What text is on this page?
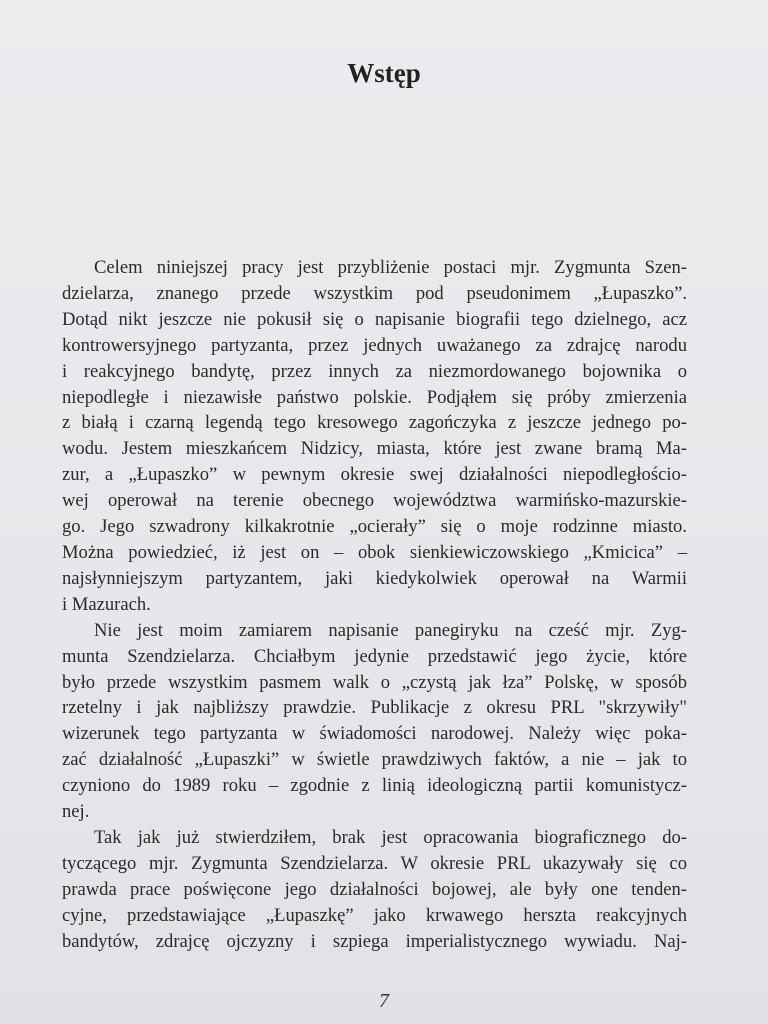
Wstęp
Celem niniejszej pracy jest przybliżenie postaci mjr. Zygmunta Szen-
dzielarza, znanego przede wszystkim pod pseudonimem „Łupaszko”.
Dotąd nikt jeszcze nie pokusił się o napisanie biografii tego dzielnego, acz
kontrowersyjnego partyzanta, przez jednych uważanego za zdrajcę narodu
i reakcyjnego bandytę, przez innych za niezmordowanego bojownika o
niepodległe i niezawisłe państwo polskie. Podjąłem się próby zmierzenia
z białą i czarną legendą tego kresowego zagończyka z jeszcze jednego po-
wodu. Jestem mieszkańcem Nidzicy, miasta, które jest zwane bramą Ma-
zur, a „Łupaszko” w pewnym okresie swej działalności niepodległościo-
wej operował na terenie obecnego województwa warmińsko-mazurskie-
go. Jego szwadrony kilkakrotnie „ocierały” się o moje rodzinne miasto.
Można powiedzieć, iż jest on – obok sienkiewiczowskiego „Kmicica” –
najsłynniejszym partyzantem, jaki kiedykolwiek operował na Warmii
i Mazurach.
Nie jest moim zamiarem napisanie panegiryku na cześć mjr. Zyg-
munta Szendzielarza. Chciałbym jedynie przedstawić jego życie, które
było przede wszystkim pasmem walk o „czystą jak łza” Polskę, w sposób
rzetelny i jak najbliższy prawdzie. Publikacje z okresu PRL "skrzywiły"
wizerunek tego partyzanta w świadomości narodowej. Należy więc poka-
zać działalność „Łupaszki” w świetle prawdziwych faktów, a nie – jak to
czyniono do 1989 roku – zgodnie z linią ideologiczną partii komunistycz-
nej.
Tak jak już stwierdziłem, brak jest opracowania biograficznego do-
tyczącego mjr. Zygmunta Szendzielarza. W okresie PRL ukazywały się co
prawda prace poświęcone jego działalności bojowej, ale były one tenden-
cyjne, przedstawiające „Łupaszkę” jako krwawego herszta reakcyjnych
bandytów, zdrajcę ojczyzny i szpiega imperialistycznego wywiadu. Naj-
7
